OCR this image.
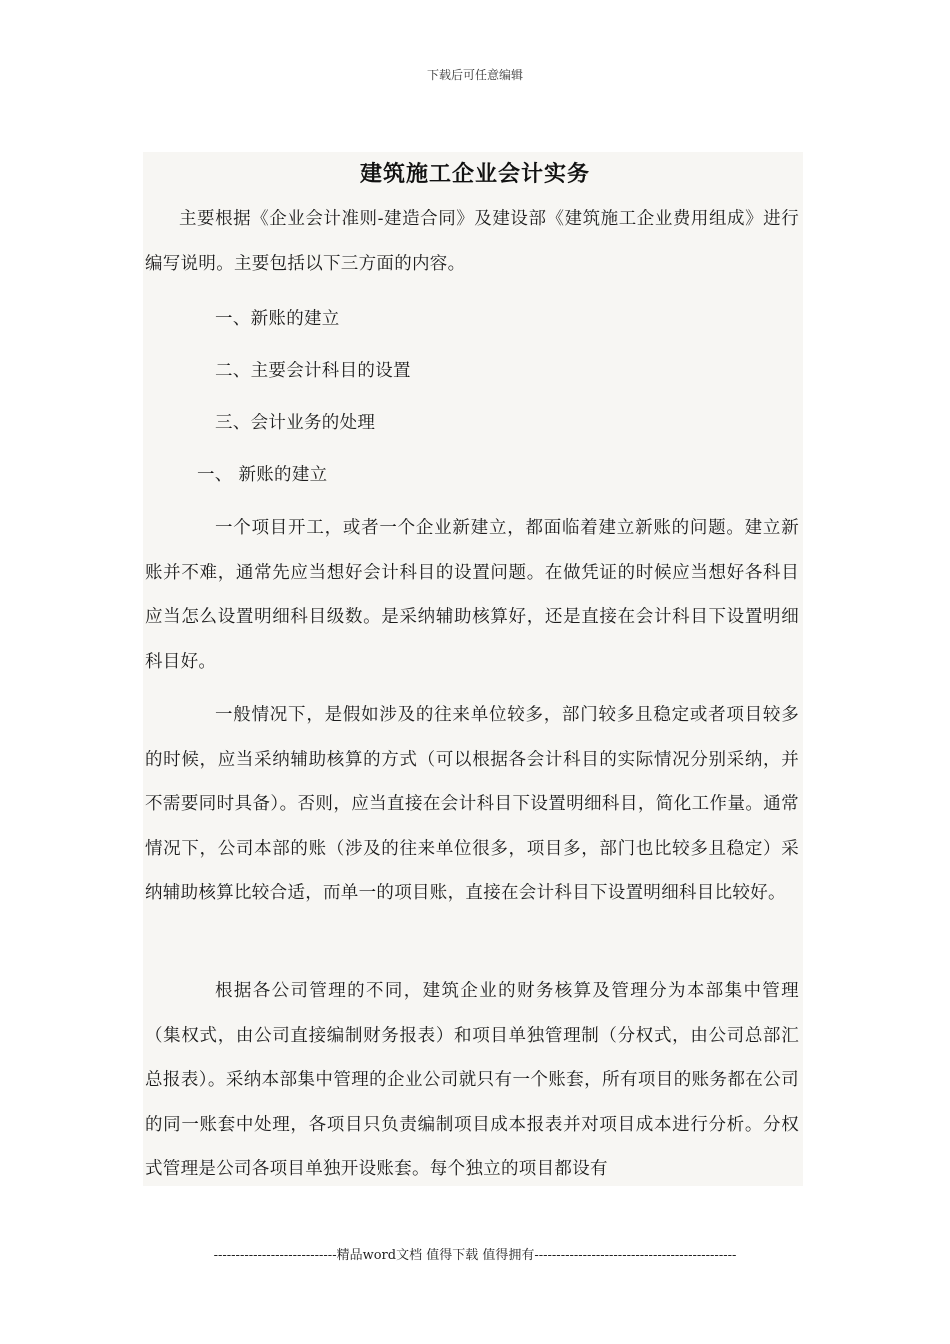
下载后可任意编辑
建筑施工企业会计实务

主要根据《企业会计准则-建造合同》及建设部《建筑施工企业费用组成》进行编写说明。主要包括以下三方面的内容。

一、新账的建立

二、主要会计科目的设置

三、会计业务的处理

一、 新账的建立

一个项目开工，或者一个企业新建立，都面临着建立新账的问题。建立新账并不难，通常先应当想好会计科目的设置问题。在做凭证的时候应当想好各科目应当怎么设置明细科目级数。是采纳辅助核算好，还是直接在会计科目下设置明细科目好。

一般情况下，是假如涉及的往来单位较多，部门较多且稳定或者项目较多的时候，应当采纳辅助核算的方式（可以根据各会计科目的实际情况分别采纳，并不需要同时具备）。否则，应当直接在会计科目下设置明细科目，简化工作量。通常情况下，公司本部的账（涉及的往来单位很多，项目多，部门也比较多且稳定）采纳辅助核算比较合适，而单一的项目账，直接在会计科目下设置明细科目比较好。

根据各公司管理的不同，建筑企业的财务核算及管理分为本部集中管理（集权式，由公司直接编制财务报表）和项目单独管理制（分权式，由公司总部汇总报表）。采纳本部集中管理的企业公司就只有一个账套，所有项目的账务都在公司的同一账套中处理，各项目只负责编制项目成本报表并对项目成本进行分析。分权式管理是公司各项目单独开设账套。每个独立的项目都设有

----------------------------精品word文档 值得下载 值得拥有----------------------------------------------
